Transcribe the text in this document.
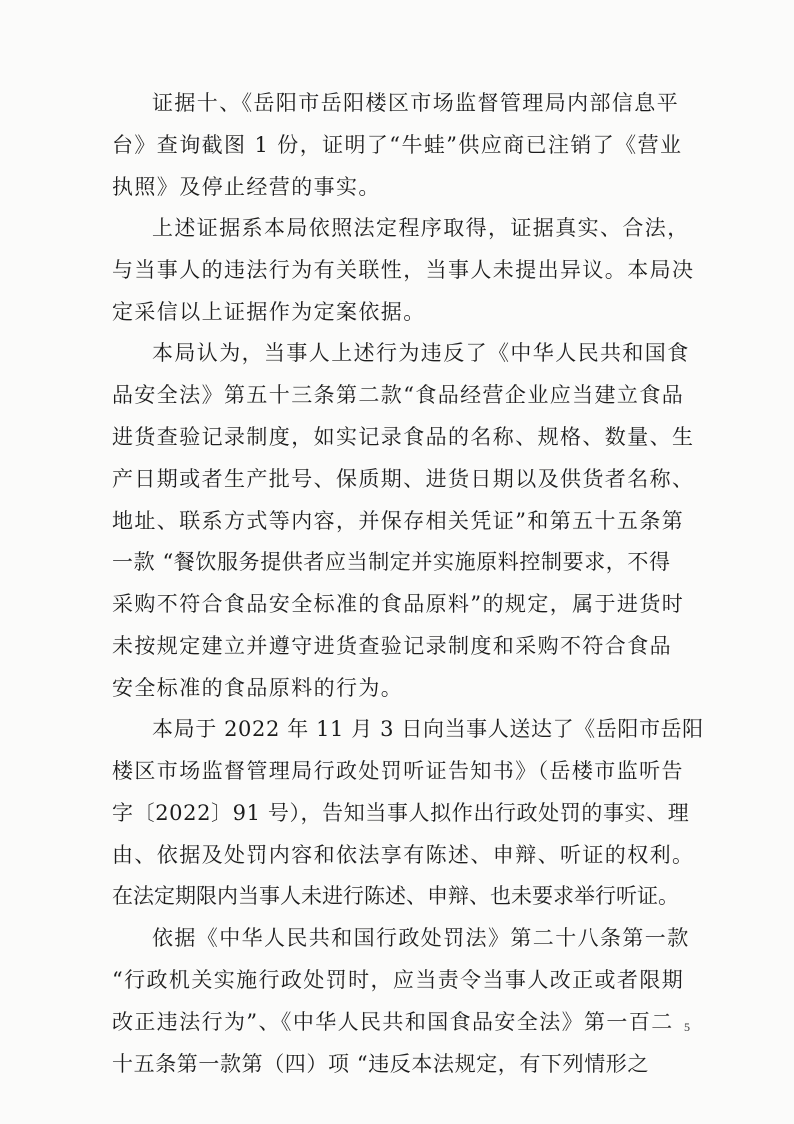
证据十、《岳阳市岳阳楼区市场监督管理局内部信息平
台》查询截图 1 份，证明了“牛蛙”供应商已注销了《营业
执照》及停止经营的事实。
上述证据系本局依照法定程序取得，证据真实、合法，
与当事人的违法行为有关联性，当事人未提出异议。本局决
定采信以上证据作为定案依据。
本局认为，当事人上述行为违反了《中华人民共和国食
品安全法》第五十三条第二款“食品经营企业应当建立食品
进货查验记录制度，如实记录食品的名称、规格、数量、生
产日期或者生产批号、保质期、进货日期以及供货者名称、
地址、联系方式等内容，并保存相关凭证”和第五十五条第
一款 “餐饮服务提供者应当制定并实施原料控制要求，不得
采购不符合食品安全标准的食品原料”的规定，属于进货时
未按规定建立并遵守进货查验记录制度和采购不符合食品
安全标准的食品原料的行为。
本局于 2022 年 11 月 3 日向当事人送达了《岳阳市岳阳
楼区市场监督管理局行政处罚听证告知书》（岳楼市监听告
字〔2022〕91 号），告知当事人拟作出行政处罚的事实、理
由、依据及处罚内容和依法享有陈述、申辩、听证的权利。
在法定期限内当事人未进行陈述、申辩、也未要求举行听证。
依据《中华人民共和国行政处罚法》第二十八条第一款
“行政机关实施行政处罚时，应当责令当事人改正或者限期
改正违法行为”、《中华人民共和国食品安全法》第一百二
十五条第一款第（四）项 “违反本法规定，有下列情形之
5
